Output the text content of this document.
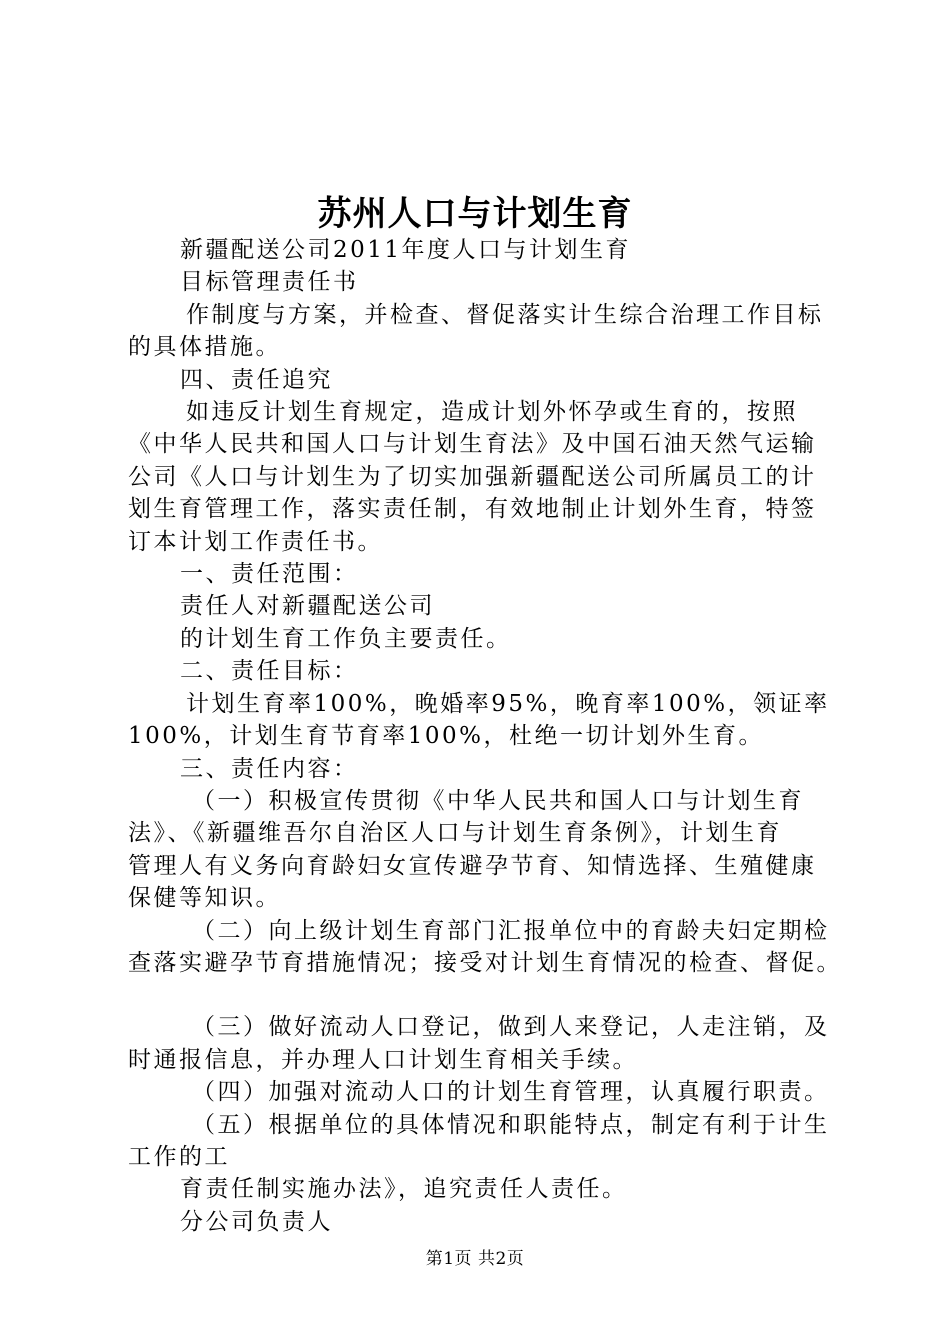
苏州人口与计划生育

新疆配送公司2011年度人口与计划生育

目标管理责任书

作制度与方案，并检查、督促落实计生综合治理工作目标

的具体措施。

四、责任追究

如违反计划生育规定，造成计划外怀孕或生育的，按照

《中华人民共和国人口与计划生育法》及中国石油天然气运输

公司《人口与计划生为了切实加强新疆配送公司所属员工的计

划生育管理工作，落实责任制，有效地制止计划外生育，特签

订本计划工作责任书。

一、责任范围：

责任人对新疆配送公司

的计划生育工作负主要责任。

二、责任目标：

计划生育率100%，晚婚率95%，晚育率100%，领证率

100%，计划生育节育率100%，杜绝一切计划外生育。

三、责任内容：

（一）积极宣传贯彻《中华人民共和国人口与计划生育

法》、《新疆维吾尔自治区人口与计划生育条例》，计划生育

管理人有义务向育龄妇女宣传避孕节育、知情选择、生殖健康

保健等知识。

（二）向上级计划生育部门汇报单位中的育龄夫妇定期检

查落实避孕节育措施情况；接受对计划生育情况的检查、督促。

（三）做好流动人口登记，做到人来登记，人走注销，及

时通报信息，并办理人口计划生育相关手续。

（四）加强对流动人口的计划生育管理，认真履行职责。

（五）根据单位的具体情况和职能特点，制定有利于计生

工作的工

育责任制实施办法》，追究责任人责任。

分公司负责人

第1页 共2页
